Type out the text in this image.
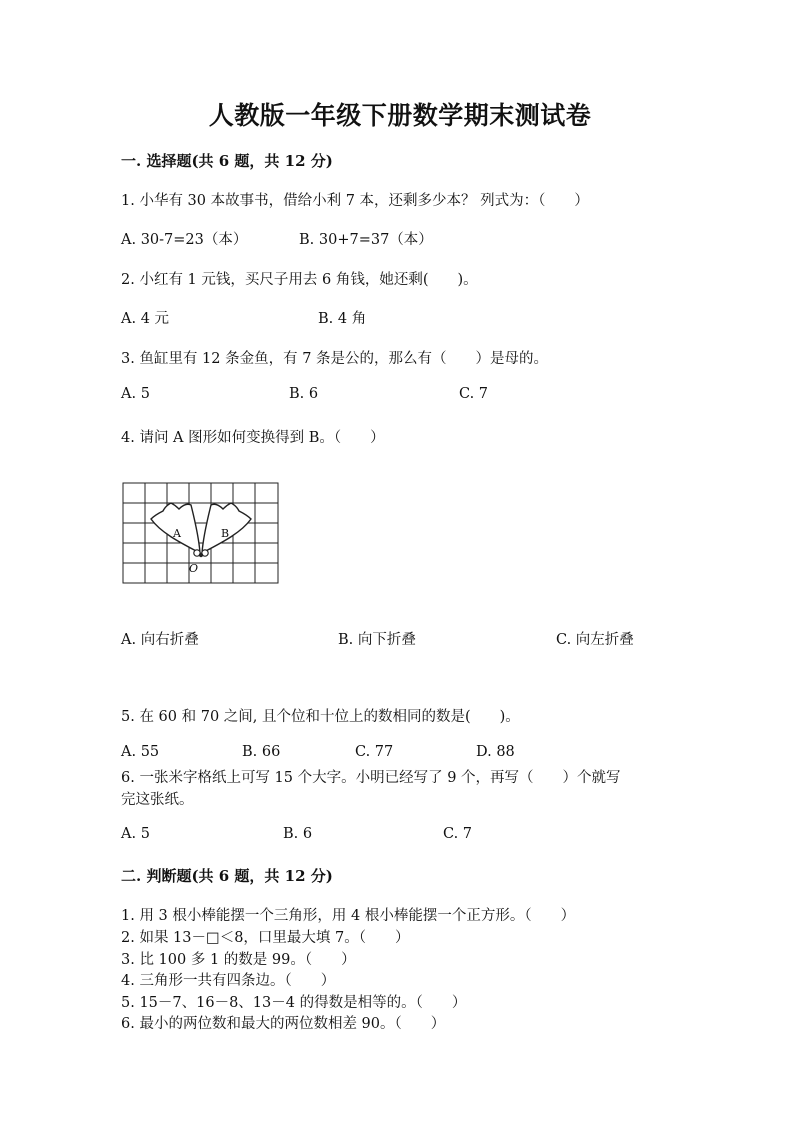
人教版一年级下册数学期末测试卷
一. 选择题(共 6 题，共 12 分)
1. 小华有 30 本故事书，借给小利 7 本，还剩多少本？ 列式为：（　　）
A. 30-7=23（本）	B. 30+7=37（本）
2. 小红有 1 元钱，买尺子用去 6 角钱，她还剩(　　)。
A. 4 元	B. 4 角
3. 鱼缸里有 12 条金鱼，有 7 条是公的，那么有（　　）是母的。
A. 5	B. 6	C. 7
4. 请问 A 图形如何变换得到 B。（　　）
A	B
O
A. 向右折叠	B. 向下折叠	C. 向左折叠
5. 在 60 和 70 之间, 且个位和十位上的数相同的数是(　　)。
A. 55	B. 66	C. 77	D. 88
6. 一张米字格纸上可写 15 个大字。小明已经写了 9 个，再写（　　）个就写
完这张纸。
A. 5	B. 6	C. 7
二. 判断题(共 6 题，共 12 分)
1. 用 3 根小棒能摆一个三角形，用 4 根小棒能摆一个正方形。（　　）
2. 如果 13－□＜8，口里最大填 7。（　　）
3. 比 100 多 1 的数是 99。（　　）
4. 三角形一共有四条边。（　　）
5. 15－7、16－8、13－4 的得数是相等的。（　　）
6. 最小的两位数和最大的两位数相差 90。（　　）
